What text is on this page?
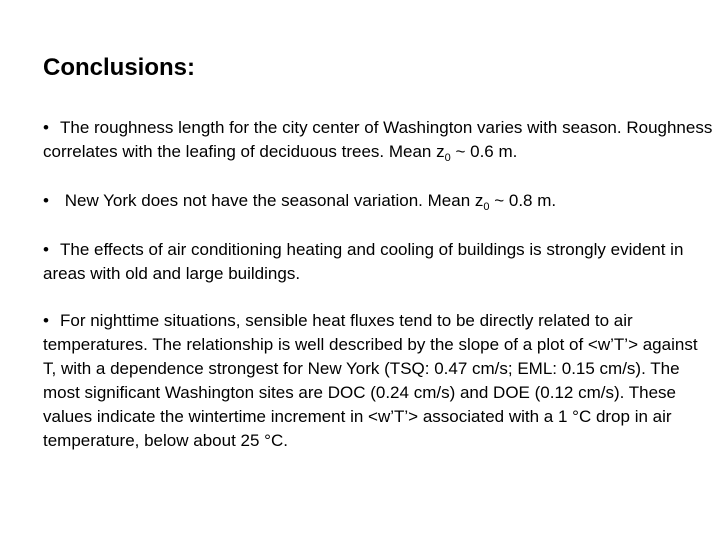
Conclusions:
• The roughness length for the city center of Washington varies with season. Roughness correlates with the leafing of deciduous trees. Mean $z_0$ ~ 0.6 m.
• New York does not have the seasonal variation. Mean $z_0$ ~ 0.8 m.
• The effects of air conditioning heating and cooling of buildings is strongly evident in areas with old and large buildings.
• For nighttime situations, sensible heat fluxes tend to be directly related to air temperatures. The relationship is well described by the slope of a plot of <w’T’> against T, with a dependence strongest for New York (TSQ: 0.47 cm/s; EML: 0.15 cm/s). The most significant Washington sites are DOC (0.24 cm/s) and DOE (0.12 cm/s). These values indicate the wintertime increment in <w’T’> associated with a 1 °C drop in air temperature, below about 25 °C.
